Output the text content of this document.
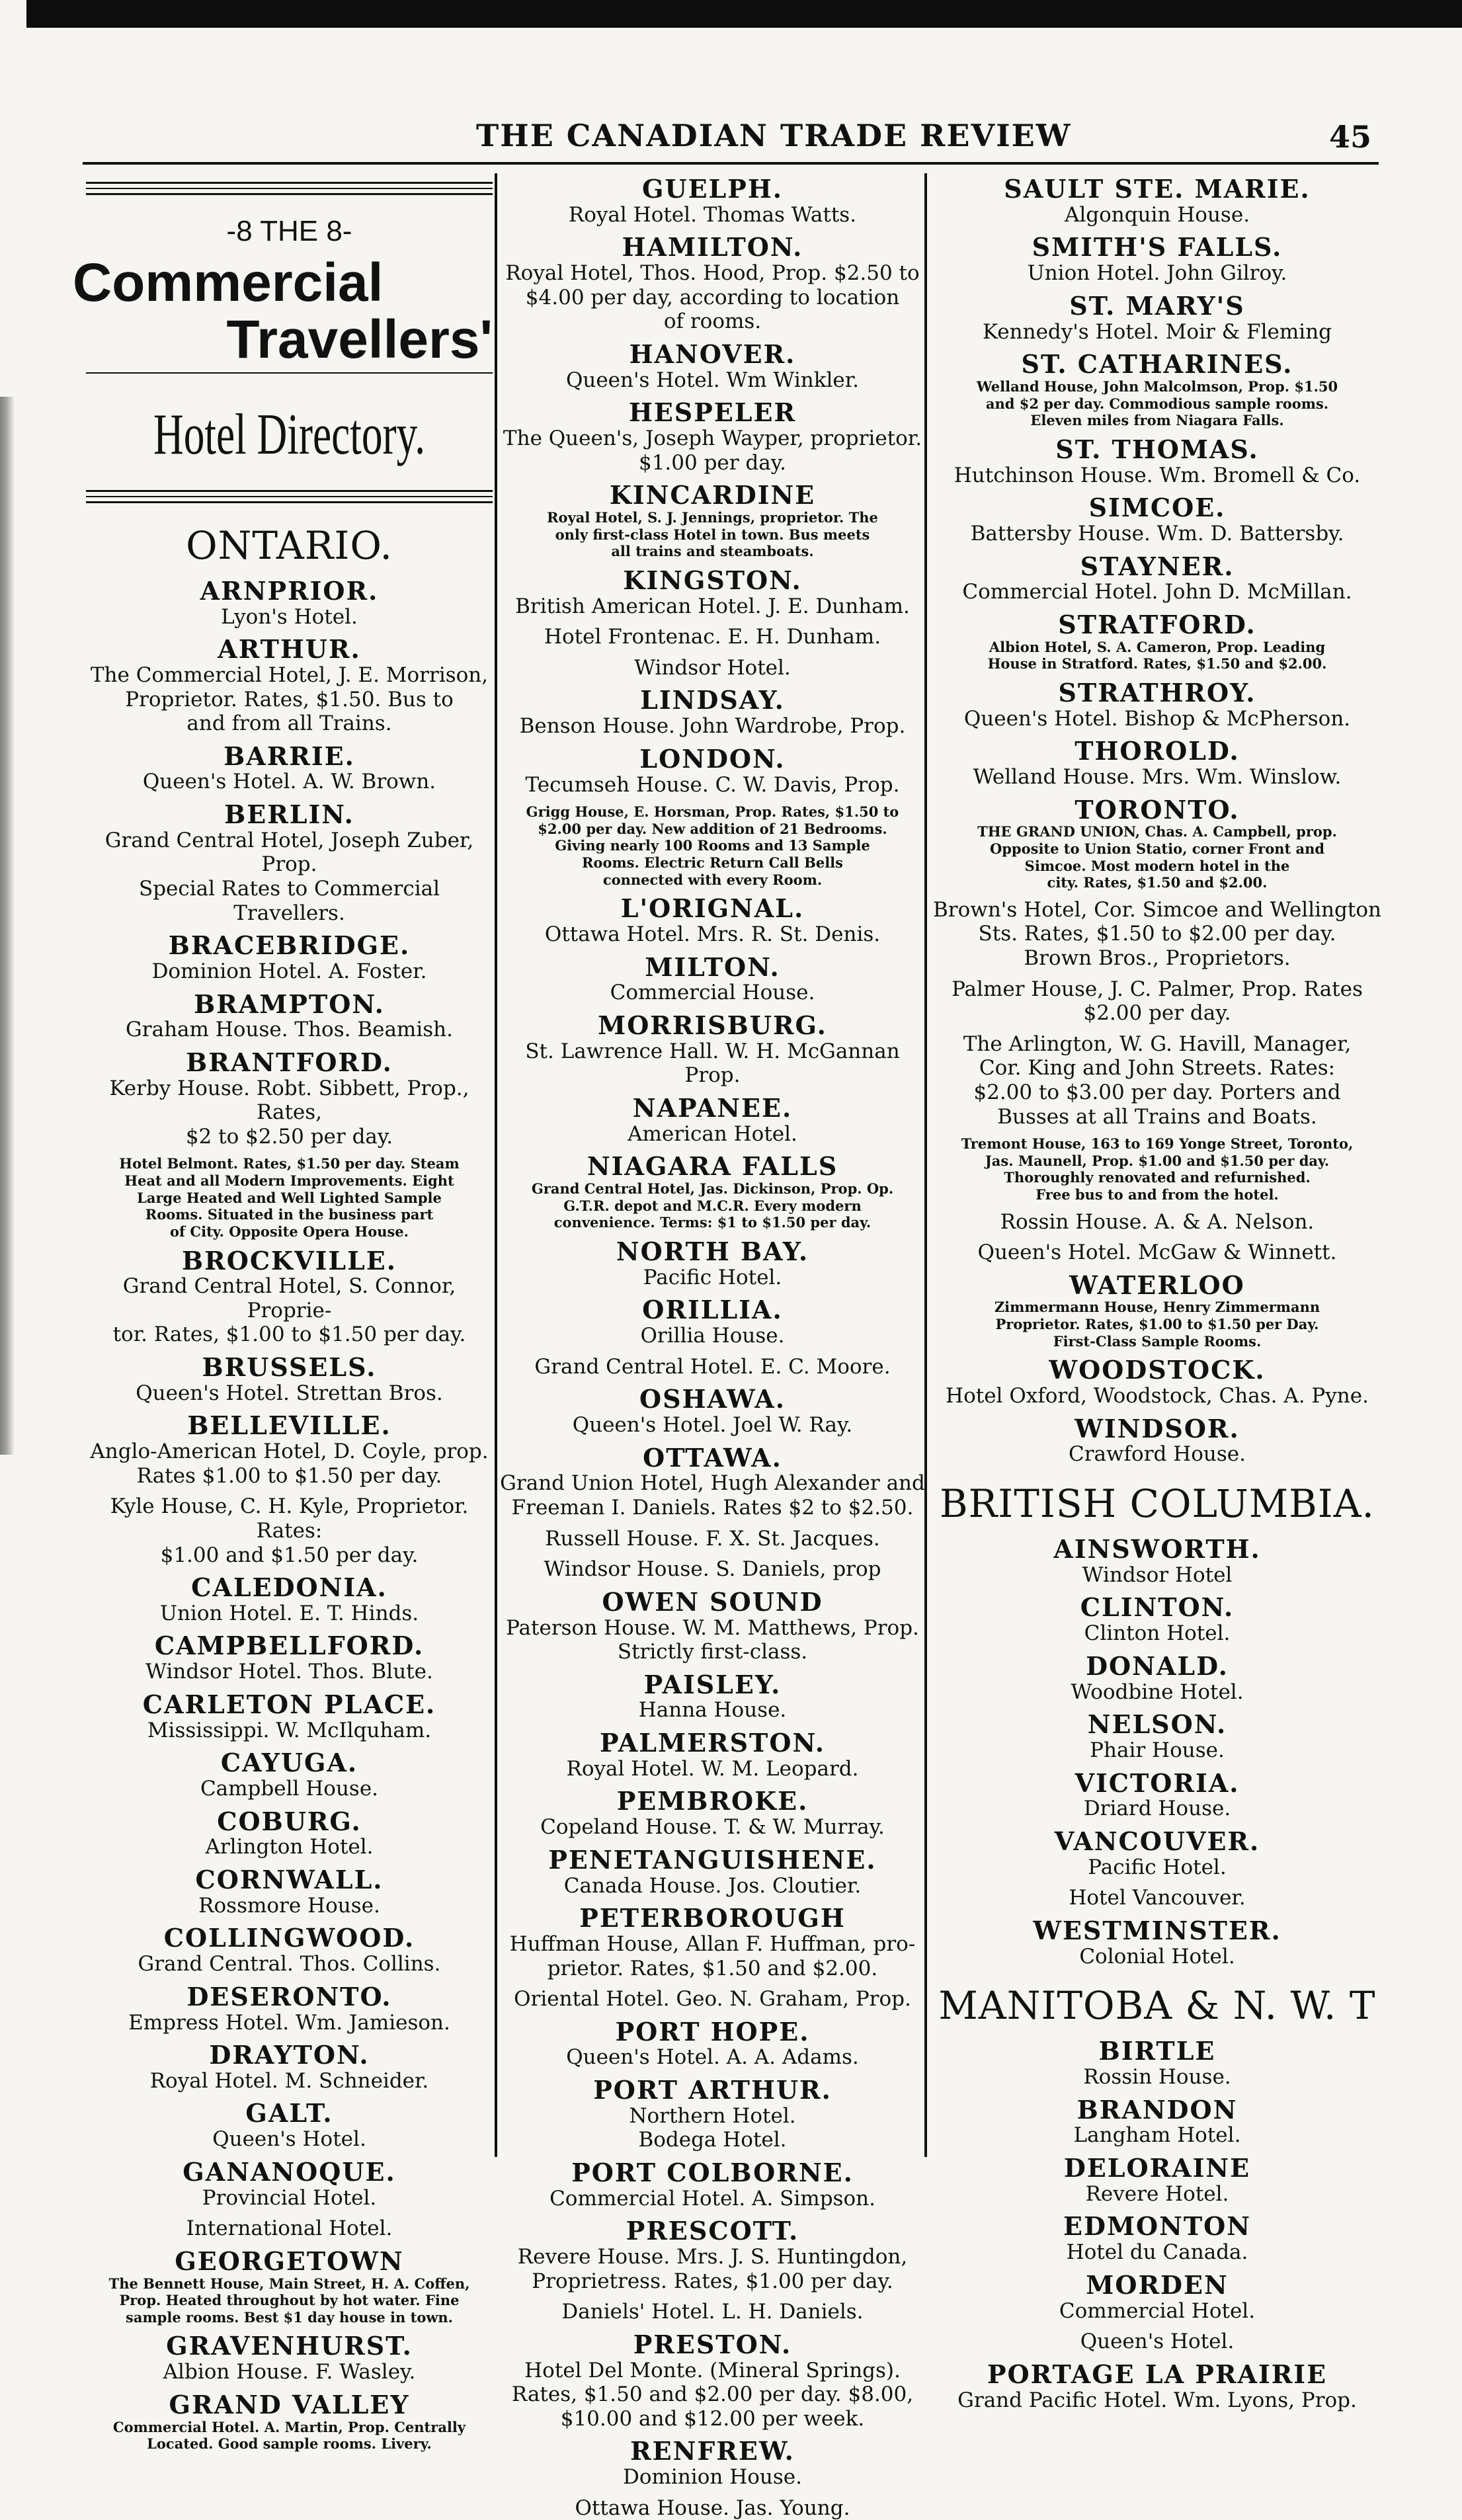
THE CANADIAN TRADE REVIEW	45
-8 THE 8-
Commercial
Travellers'
Hotel Directory.
ONTARIO.
ARNPRIOR.
Lyon's Hotel.
ARTHUR.
The Commercial Hotel, J. E. Morrison,
Proprietor. Rates, $1.50. Bus to
and from all Trains.
BARRIE.
Queen's Hotel. A. W. Brown.
BERLIN.
Grand Central Hotel, Joseph Zuber, Prop.
Special Rates to Commercial Travellers.
BRACEBRIDGE.
Dominion Hotel. A. Foster.
BRAMPTON.
Graham House. Thos. Beamish.
BRANTFORD.
Kerby House. Robt. Sibbett, Prop., Rates,
$2 to $2.50 per day.
Hotel Belmont. Rates, $1.50 per day. Steam
Heat and all Modern Improvements. Eight
Large Heated and Well Lighted Sample
Rooms. Situated in the business part
of City. Opposite Opera House.
BROCKVILLE.
Grand Central Hotel, S. Connor, Proprie-
tor. Rates, $1.00 to $1.50 per day.
BRUSSELS.
Queen's Hotel. Strettan Bros.
BELLEVILLE.
Anglo-American Hotel, D. Coyle, prop.
Rates $1.00 to $1.50 per day.
Kyle House, C. H. Kyle, Proprietor.
Rates:
$1.00 and $1.50 per day.
CALEDONIA.
Union Hotel. E. T. Hinds.
CAMPBELLFORD.
Windsor Hotel. Thos. Blute.
CARLETON PLACE.
Mississippi. W. McIlquham.
CAYUGA.
Campbell House.
COBURG.
Arlington Hotel.
CORNWALL.
Rossmore House.
COLLINGWOOD.
Grand Central. Thos. Collins.
DESERONTO.
Empress Hotel. Wm. Jamieson.
DRAYTON.
Royal Hotel. M. Schneider.
GALT.
Queen's Hotel.
GANANOQUE.
Provincial Hotel.
International Hotel.
GEORGETOWN
The Bennett House, Main Street, H. A. Coffen,
Prop. Heated throughout by hot water. Fine
sample rooms. Best $1 day house in town.
GRAVENHURST.
Albion House. F. Wasley.
GRAND VALLEY
Commercial Hotel. A. Martin, Prop. Centrally
Located. Good sample rooms. Livery.
GUELPH.
Royal Hotel. Thomas Watts.
HAMILTON.
Royal Hotel, Thos. Hood, Prop. $2.50 to
$4.00 per day, according to location
of rooms.
HANOVER.
Queen's Hotel. Wm Winkler.
HESPELER
The Queen's, Joseph Wayper, proprietor.
$1.00 per day.
KINCARDINE
Royal Hotel, S. J. Jennings, proprietor. The
only first-class Hotel in town. Bus meets
all trains and steamboats.
KINGSTON.
British American Hotel. J. E. Dunham.
Hotel Frontenac. E. H. Dunham.
Windsor Hotel.
LINDSAY.
Benson House. John Wardrobe, Prop.
LONDON.
Tecumseh House. C. W. Davis, Prop.
Grigg House, E. Horsman, Prop. Rates, $1.50 to
$2.00 per day. New addition of 21 Bedrooms.
Giving nearly 100 Rooms and 13 Sample
Rooms. Electric Return Call Bells
connected with every Room.
L'ORIGNAL.
Ottawa Hotel. Mrs. R. St. Denis.
MILTON.
Commercial House.
MORRISBURG.
St. Lawrence Hall. W. H. McGannan Prop.
NAPANEE.
American Hotel.
NIAGARA FALLS
Grand Central Hotel, Jas. Dickinson, Prop. Op.
G.T.R. depot and M.C.R. Every modern
convenience. Terms: $1 to $1.50 per day.
NORTH BAY.
Pacific Hotel.
ORILLIA.
Orillia House.
Grand Central Hotel. E. C. Moore.
OSHAWA.
Queen's Hotel. Joel W. Ray.
OTTAWA.
Grand Union Hotel, Hugh Alexander and
Freeman I. Daniels. Rates $2 to $2.50.
Russell House. F. X. St. Jacques.
Windsor House. S. Daniels, prop
OWEN SOUND
Paterson House. W. M. Matthews, Prop.
Strictly first-class.
PAISLEY.
Hanna House.
PALMERSTON.
Royal Hotel. W. M. Leopard.
PEMBROKE.
Copeland House. T. & W. Murray.
PENETANGUISHENE.
Canada House. Jos. Cloutier.
PETERBOROUGH
Huffman House, Allan F. Huffman, pro-
prietor. Rates, $1.50 and $2.00.
Oriental Hotel. Geo. N. Graham, Prop.
PORT HOPE.
Queen's Hotel. A. A. Adams.
PORT ARTHUR.
Northern Hotel.
Bodega Hotel.
PORT COLBORNE.
Commercial Hotel. A. Simpson.
PRESCOTT.
Revere House. Mrs. J. S. Huntingdon,
Proprietress. Rates, $1.00 per day.
Daniels' Hotel. L. H. Daniels.
PRESTON.
Hotel Del Monte. (Mineral Springs).
Rates, $1.50 and $2.00 per day. $8.00,
$10.00 and $12.00 per week.
RENFREW.
Dominion House.
Ottawa House. Jas. Young.
SAULT STE. MARIE.
Algonquin House.
SMITH'S FALLS.
Union Hotel. John Gilroy.
ST. MARY'S
Kennedy's Hotel. Moir & Fleming
ST. CATHARINES.
Welland House, John Malcolmson, Prop. $1.50
and $2 per day. Commodious sample rooms.
Eleven miles from Niagara Falls.
ST. THOMAS.
Hutchinson House. Wm. Bromell & Co.
SIMCOE.
Battersby House. Wm. D. Battersby.
STAYNER.
Commercial Hotel. John D. McMillan.
STRATFORD.
Albion Hotel, S. A. Cameron, Prop. Leading
House in Stratford. Rates, $1.50 and $2.00.
STRATHROY.
Queen's Hotel. Bishop & McPherson.
THOROLD.
Welland House. Mrs. Wm. Winslow.
TORONTO.
THE GRAND UNION, Chas. A. Campbell, prop.
Opposite to Union Statio, corner Front and
Simcoe. Most modern hotel in the
city. Rates, $1.50 and $2.00.
Brown's Hotel, Cor. Simcoe and Wellington
Sts. Rates, $1.50 to $2.00 per day.
Brown Bros., Proprietors.
Palmer House, J. C. Palmer, Prop. Rates
$2.00 per day.
The Arlington, W. G. Havill, Manager,
Cor. King and John Streets. Rates:
$2.00 to $3.00 per day. Porters and
Busses at all Trains and Boats.
Tremont House, 163 to 169 Yonge Street, Toronto,
Jas. Maunell, Prop. $1.00 and $1.50 per day.
Thoroughly renovated and refurnished.
Free bus to and from the hotel.
Rossin House. A. & A. Nelson.
Queen's Hotel. McGaw & Winnett.
WATERLOO
Zimmermann House, Henry Zimmermann
Proprietor. Rates, $1.00 to $1.50 per Day.
First-Class Sample Rooms.
WOODSTOCK.
Hotel Oxford, Woodstock, Chas. A. Pyne.
WINDSOR.
Crawford House.
BRITISH COLUMBIA.
AINSWORTH.
Windsor Hotel
CLINTON.
Clinton Hotel.
DONALD.
Woodbine Hotel.
NELSON.
Phair House.
VICTORIA.
Driard House.
VANCOUVER.
Pacific Hotel.
Hotel Vancouver.
WESTMINSTER.
Colonial Hotel.
MANITOBA & N. W. T
BIRTLE
Rossin House.
BRANDON
Langham Hotel.
DELORAINE
Revere Hotel.
EDMONTON
Hotel du Canada.
MORDEN
Commercial Hotel.
Queen's Hotel.
PORTAGE LA PRAIRIE
Grand Pacific Hotel. Wm. Lyons, Prop.
